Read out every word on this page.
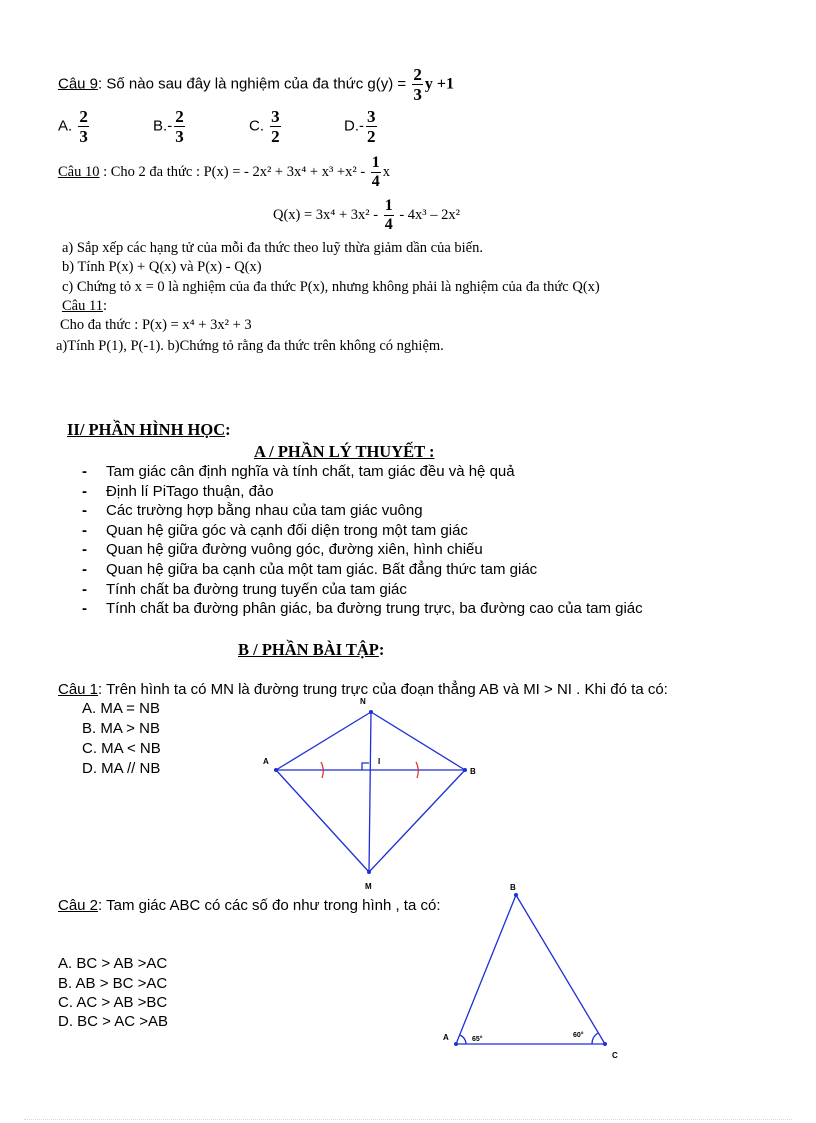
Câu 9: Số nào sau đây là nghiệm của đa thức $g(y) = \frac{2}{3}$ y +1
A. $\frac{2}{3}$	$B.- \frac{2}{3}$	C. $\frac{3}{2}$	$D.- \frac{3}{2}$
Câu 10 : Cho 2 đa thức : P(x) = - $2x^2 + 3x^4 + x^3 +x^2 - \frac{1}{4}$ x
$Q(x) = 3x^4 + 3x^2 - \frac{1}{4} - 4x^3 - 2x^2$
a) Sắp xếp các hạng tử của mỗi đa thức theo luỹ thừa giảm dần của biến.
b) Tính P(x) + Q(x) và P(x) - Q(x)
c) Chứng tỏ x = 0 là nghiệm của đa thức P(x), nhưng không phải là nghiệm của đa thức Q(x)
Câu 11:
Cho đa thức : P(x) = x⁴ + 3x² + 3
a)Tính P(1), P(-1). b)Chứng tỏ rằng đa thức trên không có nghiệm.
II/ PHẦN HÌNH HỌC:
A / PHẦN LÝ THUYẾT :
- Tam giác cân định nghĩa và tính chất, tam giác đều và hệ quả
- Định lí PiTago thuận, đảo
- Các trường hợp bằng nhau của tam giác vuông
- Quan hệ giữa góc và cạnh đối diện trong một tam giác
- Quan hệ giữa đường vuông góc, đường xiên, hình chiếu
- Quan hệ giữa ba cạnh của một tam giác. Bất đẳng thức tam giác
- Tính chất ba đường trung tuyến của tam giác
- Tính chất ba đường phân giác, ba đường trung trực, ba đường cao của tam giác
B / PHẦN BÀI TẬP:
Câu 1: Trên hình ta có MN là đường trung trực của đoạn thẳng AB và MI > NI . Khi đó ta có:
A. MA = NB
B. MA > NB
C. MA < NB
D. MA // NB	A
B
N
M
I
Câu 2: Tam giác ABC có các số đo như trong hình , ta có:
A. BC > AB >AC
B. AB > BC >AC
C. AC > AB >BC
D. BC > AC >AB
A
B
C
65°
60°
